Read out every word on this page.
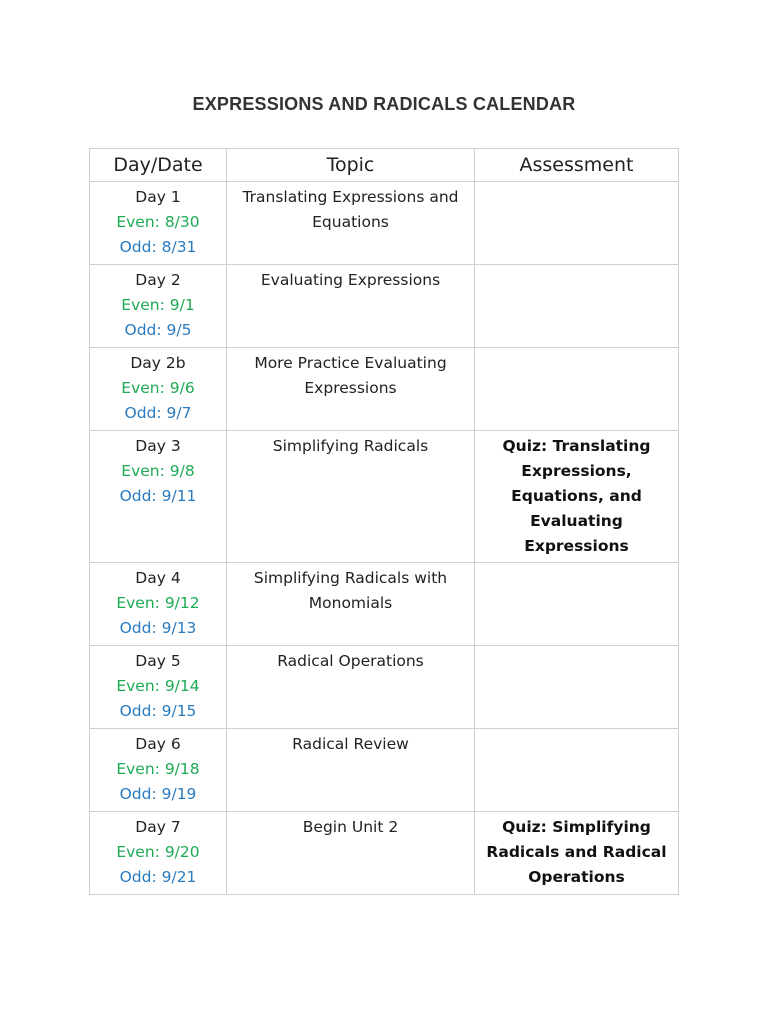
EXPRESSIONS AND RADICALS CALENDAR
Day/Date	Topic	Assessment

Day 1
Even: 8/30
Odd: 8/31	Translating Expressions and Equations	

Day 2
Even: 9/1
Odd: 9/5	Evaluating Expressions	

Day 2b
Even: 9/6
Odd: 9/7	More Practice Evaluating Expressions	

Day 3
Even: 9/8
Odd: 9/11	Simplifying Radicals	Quiz: Translating Expressions, Equations, and Evaluating Expressions

Day 4
Even: 9/12
Odd: 9/13	Simplifying Radicals with Monomials	

Day 5
Even: 9/14
Odd: 9/15	Radical Operations	

Day 6
Even: 9/18
Odd: 9/19	Radical Review	

Day 7
Even: 9/20
Odd: 9/21	Begin Unit 2	Quiz: Simplifying Radicals and Radical Operations
